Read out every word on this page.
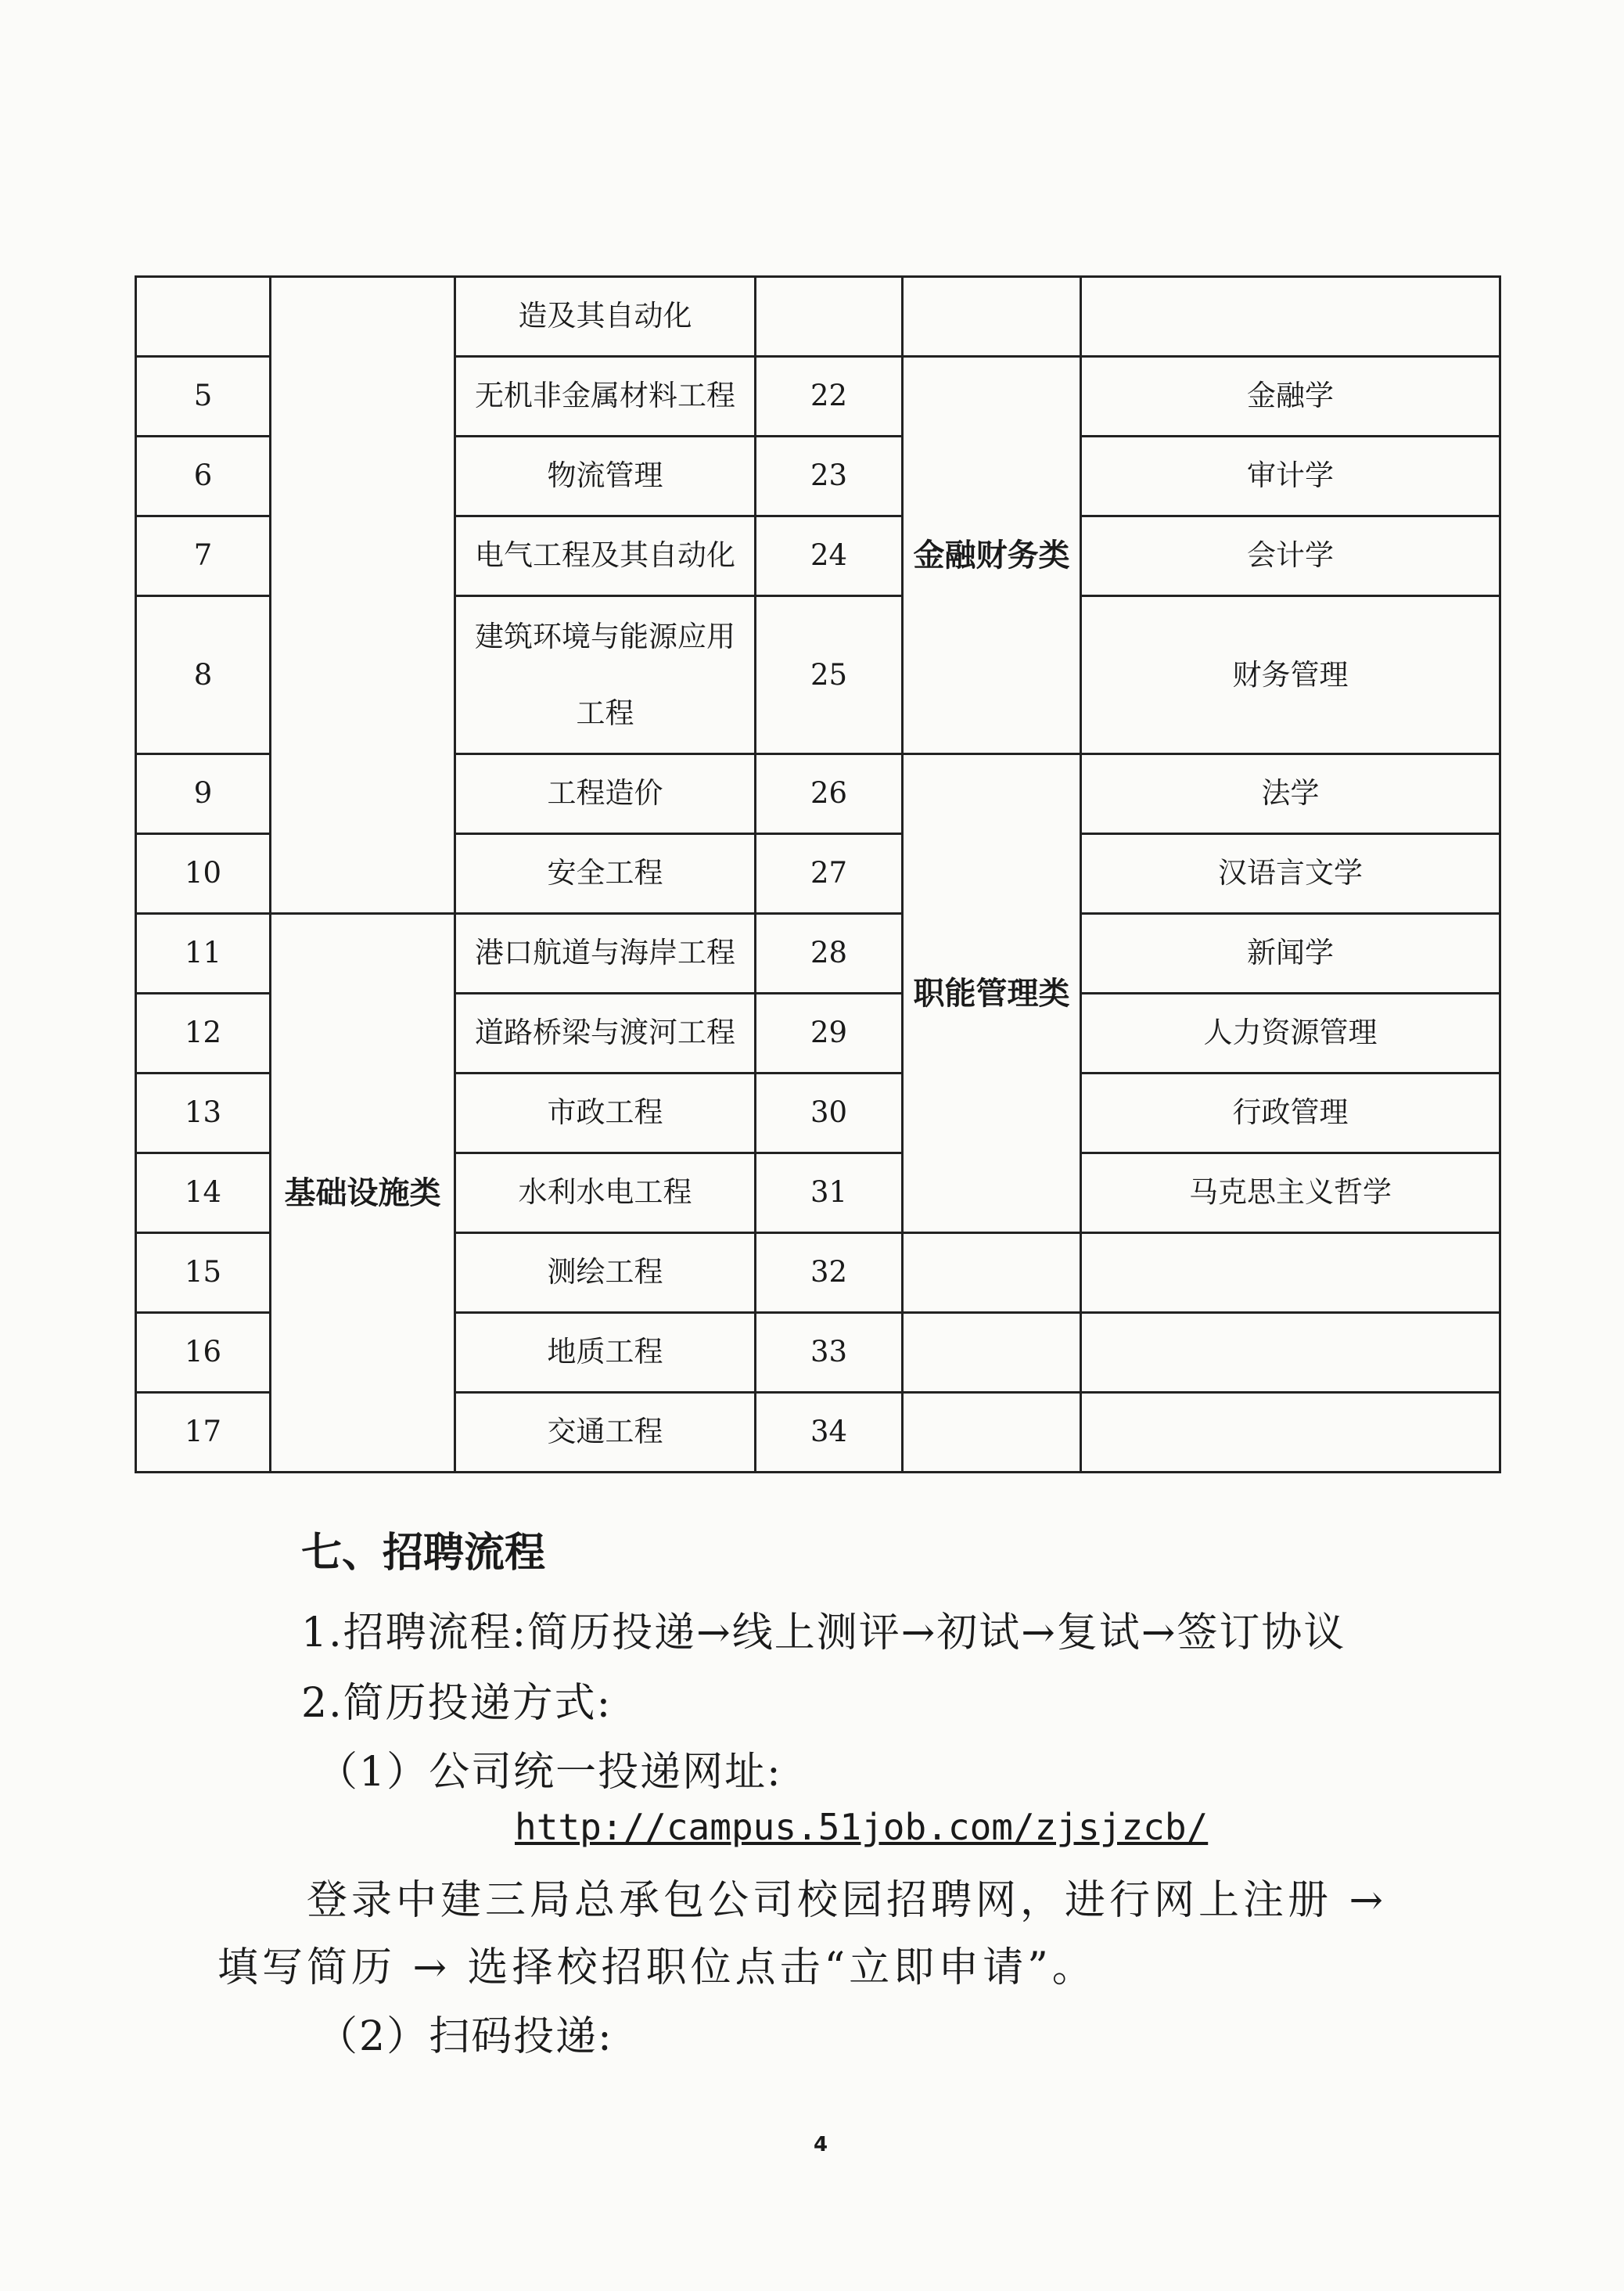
		造及其自动化			
5		无机非金属材料工程	22	金融财务类	金融学
6		物流管理	23		审计学
7		电气工程及其自动化	24		会计学
8		建筑环境与能源应用工程	25		财务管理
9		工程造价	26	职能管理类	法学
10		安全工程	27		汉语言文学
11	基础设施类	港口航道与海岸工程	28		新闻学
12		道路桥梁与渡河工程	29		人力资源管理
13		市政工程	30		行政管理
14		水利水电工程	31		马克思主义哲学
15		测绘工程	32		
16		地质工程	33		
17		交通工程	34		
七、招聘流程
1.招聘流程:简历投递→线上测评→初试→复试→签订协议
2.简历投递方式:
（1）公司统一投递网址:
http://campus.51job.com/zjsjzcb/
登录中建三局总承包公司校园招聘网，进行网上注册 →
填写简历 → 选择校招职位点击“立即申请”。
（2）扫码投递:
4
